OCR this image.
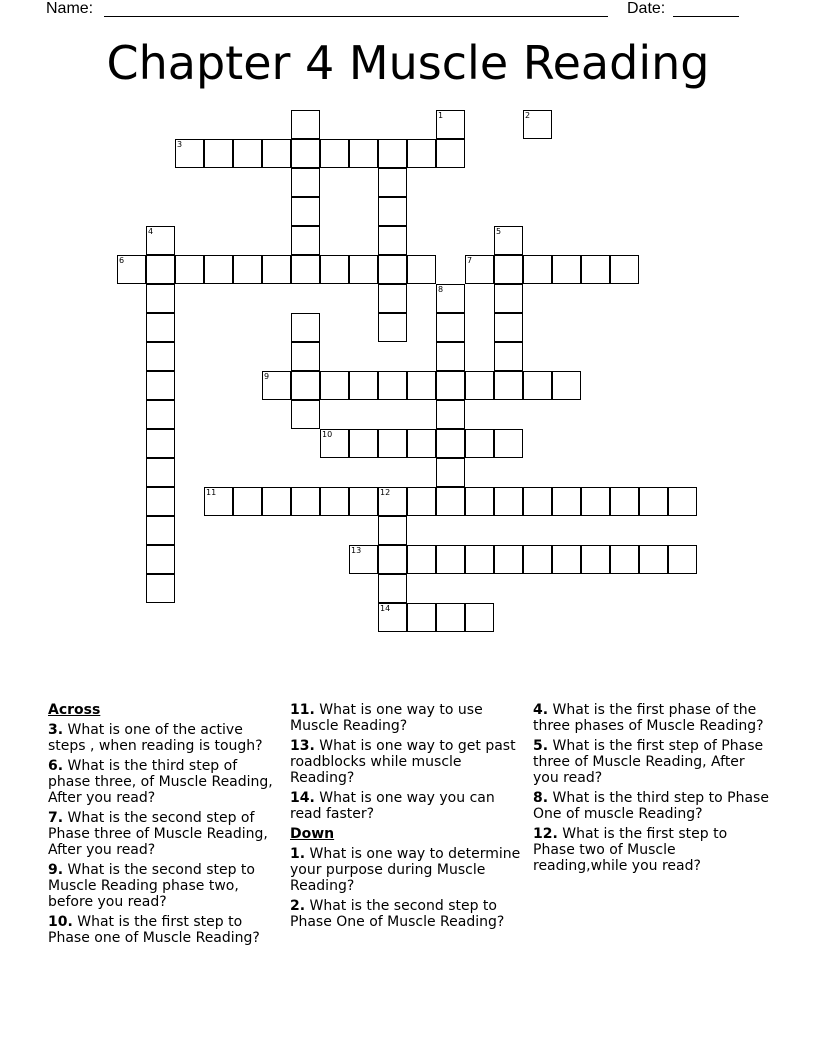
Name:	Date:
Chapter 4 Muscle Reading
1	2
3
4	5
6	7
8
9
10
11	12
13
14
Across
3. What is one of the active steps , when reading is tough?
6. What is the third step of phase three, of Muscle Reading, After you read?
7. What is the second step of Phase three of Muscle Reading, After you read?
9. What is the second step to Muscle Reading phase two, before you read?
10. What is the first step to Phase one of Muscle Reading?
11. What is one way to use Muscle Reading?
13. What is one way to get past roadblocks while muscle Reading?
14. What is one way you can read faster?
Down
1. What is one way to determine your purpose during Muscle Reading?
2. What is the second step to Phase One of Muscle Reading?
4. What is the first phase of the three phases of Muscle Reading?
5. What is the first step of Phase three of Muscle Reading, After you read?
8. What is the third step to Phase One of muscle Reading?
12. What is the first step to Phase two of Muscle reading,while you read?
